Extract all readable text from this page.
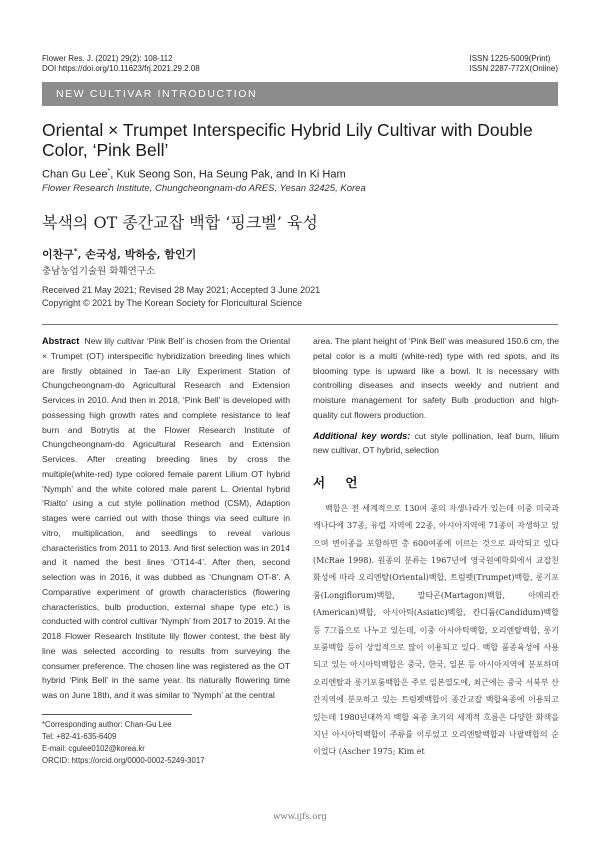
Flower Res. J. (2021) 29(2): 108-112
DOI https://doi.org/10.11623/frj.2021.29.2.08
ISSN 1225-5009(Print)
ISSN 2287-772X(Online)
NEW CULTIVAR INTRODUCTION
Oriental × Trumpet Interspecific Hybrid Lily Cultivar with Double Color, ‘Pink Bell’
Chan Gu Lee*, Kuk Seong Son, Ha Seung Pak, and In Ki Ham
Flower Research Institute, Chungcheongnam-do ARES, Yesan 32425, Korea
복색의 OT 종간교잡 백합 ‘핑크벨’ 육성
이찬구*, 손국성, 박하승, 함인기
충남농업기술원 화훼연구소
Received 21 May 2021; Revised 28 May 2021; Accepted 3 June 2021
Copyright © 2021 by The Korean Society for Floricultural Science
Abstract New lily cultivar ‘Pink Bell’ is chosen from the Oriental × Trumpet (OT) interspecific hybridization breeding lines which are firstly obtained in Tae-an Lily Experiment Station of Chungcheongnam-do Agricultural Research and Extension Services in 2010. And then in 2018, ‘Pink Bell’ is developed with possessing high growth rates and complete resistance to leaf burn and Botrytis at the Flower Research Institute of Chungcheongnam-do Agricultural Research and Extension Services. After creating breeding lines by cross the multiple(white-red) type colored female parent Lilium OT hybrid ‘Nymph’ and the white colored male parent L. Oriental hybrid ‘Rialto’ using a cut style pollination method (CSM), Adaption stages were carried out with those things via seed culture in vitro, multiplication, and seedlings to reveal various characteristics from 2011 to 2013. And first selection was in 2014 and it named the best lines ‘OT14-4’. After then, second selection was in 2016, it was dubbed as ‘Chungnam OT-8’. A Comparative experiment of growth characteristics (flowering characteristics, bulb production, external shape type etc.) is conducted with control cultivar ‘Nymph’ from 2017 to 2019. At the 2018 Flower Research Institute lily flower contest, the best lily line was selected according to results from surveying the consumer preference. The chosen line was registered as the OT hybrid ‘Pink Bell’ in the same year. Its naturally flowering time was on June 18th, and it was similar to ‘Nymph’ at the central
area. The plant height of ‘Pink Bell’ was measured 150.6 cm, the petal color is a multi (white-red) type with red spots, and its blooming type is upward like a bowl. It is necessary with controlling diseases and insects weekly and nutrient and moisture management for safety Bulb production and high-quality cut flowers production.
Additional key words: cut style pollination, leaf burn, lilium new cultivar, OT hybrid, selection
서 언
백합은 전 세계적으로 130여 종의 자생나라가 있는데 이중 미국과 캐나다에 37종, 유럽 지역에 22종, 아시아지역에 71종이 자생하고 있으며 변이종을 포함하면 총 600여종에 이르는 것으로 파악되고 있다(McRae 1998). 원종의 분류는 1967년에 영국원예학회에서 교잡친화성에 따라 오리엔탈(Oriental)백합, 트럼펫(Trumpet)백합, 롱기포룸(Longiflorum)백합, 말타곤(Martagon)백합, 아메리칸(American)백합, 아시아틱(Asiatic)백합, 칸디듐(Candidum)백합 등 7그룹으로 나누고 있는데, 이중 아시아틱백합, 오리엔탈백합, 롱기포룸백합 등이 상업적으로 많이 이용되고 있다. 백합 품종육성에 사용되고 있는 아시아틱백합은 중국, 한국, 일본 등 아시아지역에 분포하며 오리엔탈과 롱기포룸백합은 주로 일본열도에, 최근에는 중국 서북부 산간지역에 분포하고 있는 트럼펫백합이 종간교잡 백합육종에 이용되고 있는데 1980년대까지 백합 육종 초기의 세계적 흐름은 다양한 화색을 지닌 아시아틱백합이 주류를 이루었고 오리엔탈백합과 나팔백합의 순이었다 (Ascher 1975; Kim et
*Corresponding author: Chan-Gu Lee
Tel: +82-41-635-6409
E-mail: cgulee0102@korea.kr
ORCID: https://orcid.org/0000-0002-5249-3017
www.ijfs.org
